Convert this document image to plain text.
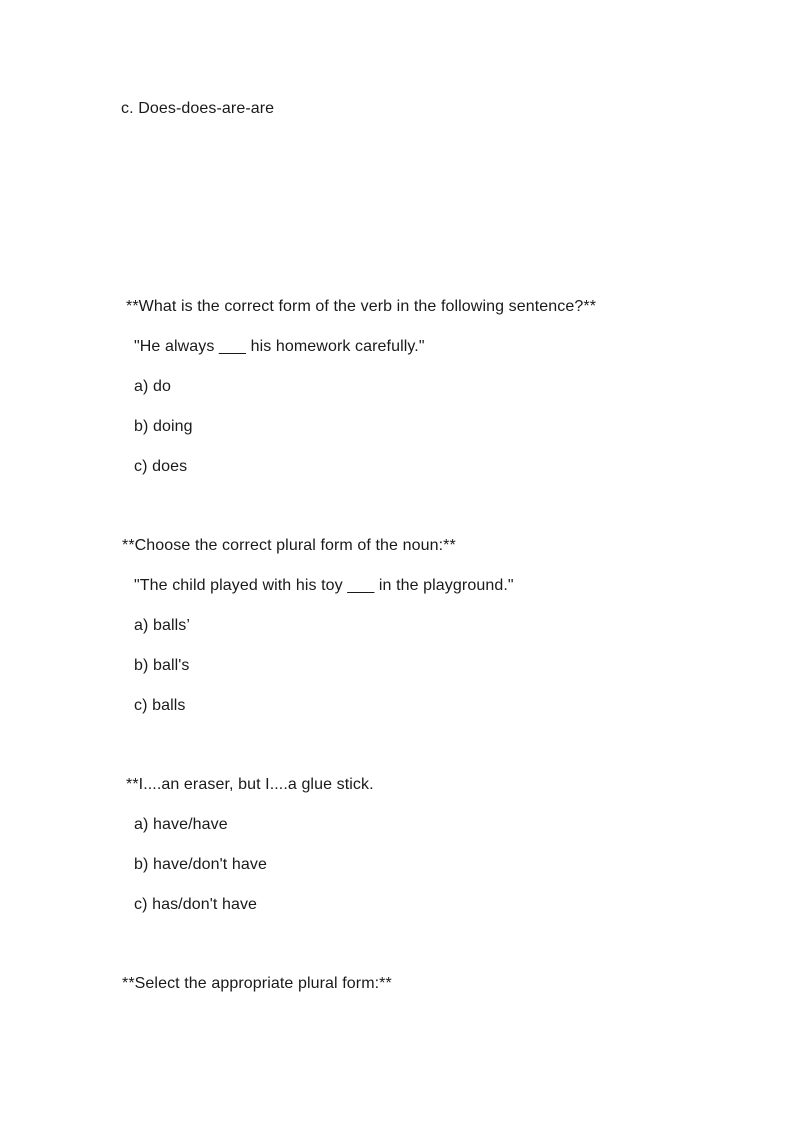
c. Does-does-are-are
**What is the correct form of the verb in the following sentence?**
"He always ___ his homework carefully."
a) do
b) doing
c) does
**Choose the correct plural form of the noun:**
"The child played with his toy ___ in the playground."
a) balls’
b) ball's
c) balls
**I....an eraser, but I....a glue stick.
a) have/have
b) have/don't have
c) has/don't have
**Select the appropriate plural form:**
